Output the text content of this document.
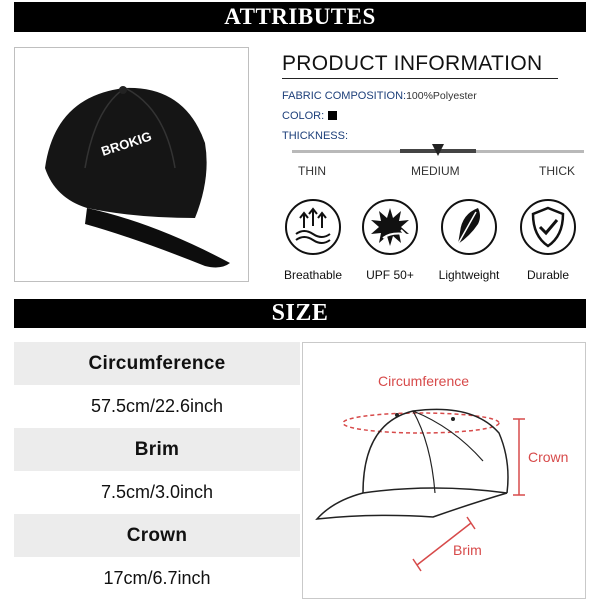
ATTRIBUTES
BROKIG
PRODUCT INFORMATION
FABRIC COMPOSITION:100%Polyester
COLOR:
THICKNESS:
THIN	MEDIUM	THICK
Breathable	UPF 50+	Lightweight	Durable
SIZE
Circumference
57.5cm/22.6inch
Brim
7.5cm/3.0inch
Crown
17cm/6.7inch
Circumference
Crown
Brim
